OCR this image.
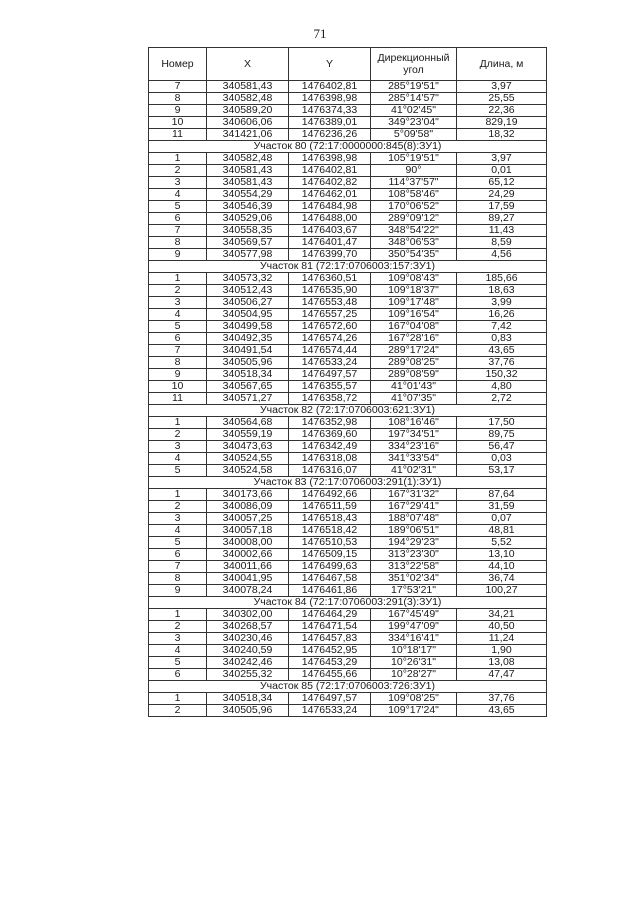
71
Номер	X	Y	Дирекционный угол	Длина, м
7	340581,43	1476402,81	285°19'51"	3,97
8	340582,48	1476398,98	285°14'57"	25,55
9	340589,20	1476374,33	41°02'45"	22,36
10	340606,06	1476389,01	349°23'04"	829,19
11	341421,06	1476236,26	5°09'58"	18,32
Участок 80 (72:17:0000000:845(8):ЗУ1)				
1	340582,48	1476398,98	105°19'51"	3,97
2	340581,43	1476402,81	90°	0,01
3	340581,43	1476402,82	114°37'57"	65,12
4	340554,29	1476462,01	108°58'46"	24,29
5	340546,39	1476484,98	170°06'52"	17,59
6	340529,06	1476488,00	289°09'12"	89,27
7	340558,35	1476403,67	348°54'22"	11,43
8	340569,57	1476401,47	348°06'53"	8,59
9	340577,98	1476399,70	350°54'35"	4,56
Участок 81 (72:17:0706003:157:ЗУ1)				
1	340573,32	1476360,51	109°08'43"	185,66
2	340512,43	1476535,90	109°18'37"	18,63
3	340506,27	1476553,48	109°17'48"	3,99
4	340504,95	1476557,25	109°16'54"	16,26
5	340499,58	1476572,60	167°04'08"	7,42
6	340492,35	1476574,26	167°28'16"	0,83
7	340491,54	1476574,44	289°17'24"	43,65
8	340505,96	1476533,24	289°08'25"	37,76
9	340518,34	1476497,57	289°08'59"	150,32
10	340567,65	1476355,57	41°01'43"	4,80
11	340571,27	1476358,72	41°07'35"	2,72
Участок 82 (72:17:0706003:621:ЗУ1)				
1	340564,68	1476352,98	108°16'46"	17,50
2	340559,19	1476369,60	197°34'51"	89,75
3	340473,63	1476342,49	334°23'16"	56,47
4	340524,55	1476318,08	341°33'54"	0,03
5	340524,58	1476316,07	41°02'31"	53,17
Участок 83 (72:17:0706003:291(1):ЗУ1)				
1	340173,66	1476492,66	167°31'32"	87,64
2	340086,09	1476511,59	167°29'41"	31,59
3	340057,25	1476518,43	188°07'48"	0,07
4	340057,18	1476518,42	189°06'51"	48,81
5	340008,00	1476510,53	194°29'23"	5,52
6	340002,66	1476509,15	313°23'30"	13,10
7	340011,66	1476499,63	313°22'58"	44,10
8	340041,95	1476467,58	351°02'34"	36,74
9	340078,24	1476461,86	17°53'21"	100,27
Участок 84 (72:17:0706003:291(3):ЗУ1)				
1	340302,00	1476464,29	167°45'49"	34,21
2	340268,57	1476471,54	199°47'09"	40,50
3	340230,46	1476457,83	334°16'41"	11,24
4	340240,59	1476452,95	10°18'17"	1,90
5	340242,46	1476453,29	10°26'31"	13,08
6	340255,32	1476455,66	10°28'27"	47,47
Участок 85 (72:17:0706003:726:ЗУ1)				
1	340518,34	1476497,57	109°08'25"	37,76
2	340505,96	1476533,24	109°17'24"	43,65
